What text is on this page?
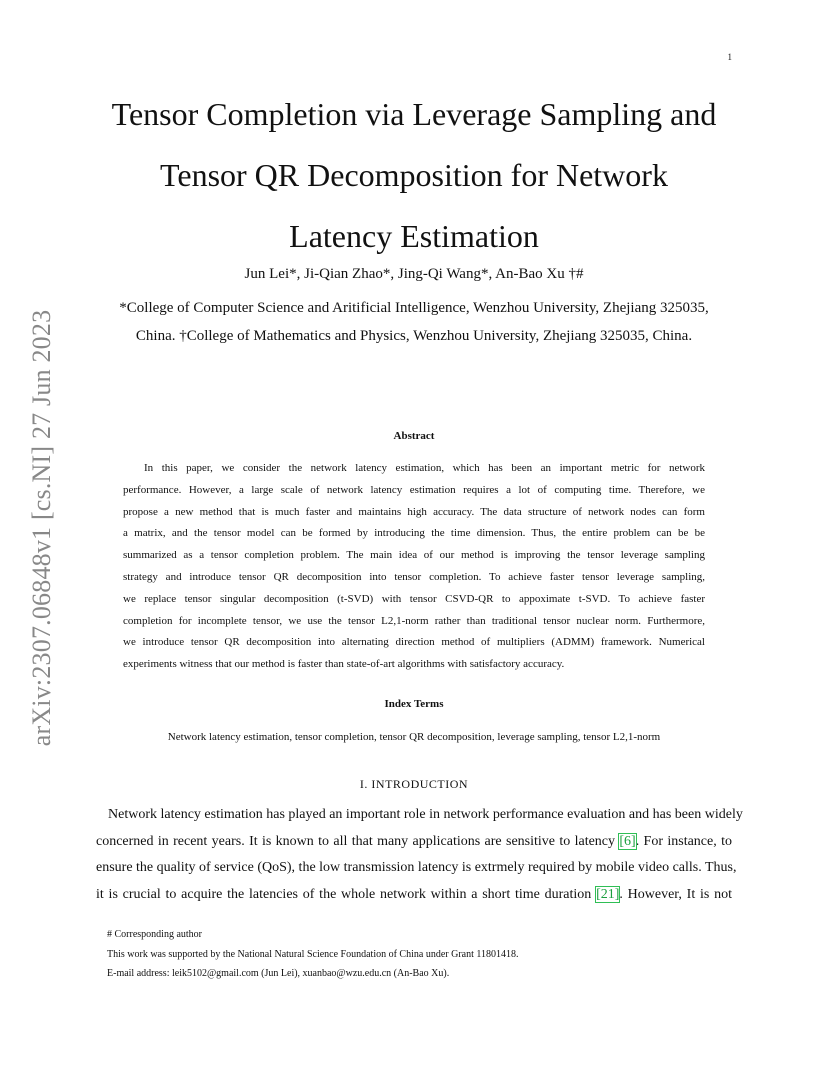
1
arXiv:2307.06848v1 [cs.NI] 27 Jun 2023
Tensor Completion via Leverage Sampling and
Tensor QR Decomposition for Network
Latency Estimation
Jun Lei*, Ji-Qian Zhao*, Jing-Qi Wang*, An-Bao Xu †#
*College of Computer Science and Aritificial Intelligence, Wenzhou University, Zhejiang 325035,
China. †College of Mathematics and Physics, Wenzhou University, Zhejiang 325035, China.
Abstract
In this paper, we consider the network latency estimation, which has been an important metric for network
performance. However, a large scale of network latency estimation requires a lot of computing time. Therefore, we
propose a new method that is much faster and maintains high accuracy. The data structure of network nodes can form
a matrix, and the tensor model can be formed by introducing the time dimension. Thus, the entire problem can be be
summarized as a tensor completion problem. The main idea of our method is improving the tensor leverage sampling
strategy and introduce tensor QR decomposition into tensor completion. To achieve faster tensor leverage sampling,
we replace tensor singular decomposition (t-SVD) with tensor CSVD-QR to appoximate t-SVD. To achieve faster
completion for incomplete tensor, we use the tensor L2,1-norm rather than traditional tensor nuclear norm. Furthermore,
we introduce tensor QR decomposition into alternating direction method of multipliers (ADMM) framework. Numerical
experiments witness that our method is faster than state-of-art algorithms with satisfactory accuracy.
Index Terms
Network latency estimation, tensor completion, tensor QR decomposition, leverage sampling, tensor L2,1-norm
I. INTRODUCTION
Network latency estimation has played an important role in network performance evaluation and has been widely
concerned in recent years. It is known to all that many applications are sensitive to latency [6]. For instance, to
ensure the quality of service (QoS), the low transmission latency is extrmely required by mobile video calls. Thus,
it is crucial to acquire the latencies of the whole network within a short time duration [21]. However, It is not
# Corresponding author
This work was supported by the National Natural Science Foundation of China under Grant 11801418.
E-mail address: leik5102@gmail.com (Jun Lei), xuanbao@wzu.edu.cn (An-Bao Xu).
